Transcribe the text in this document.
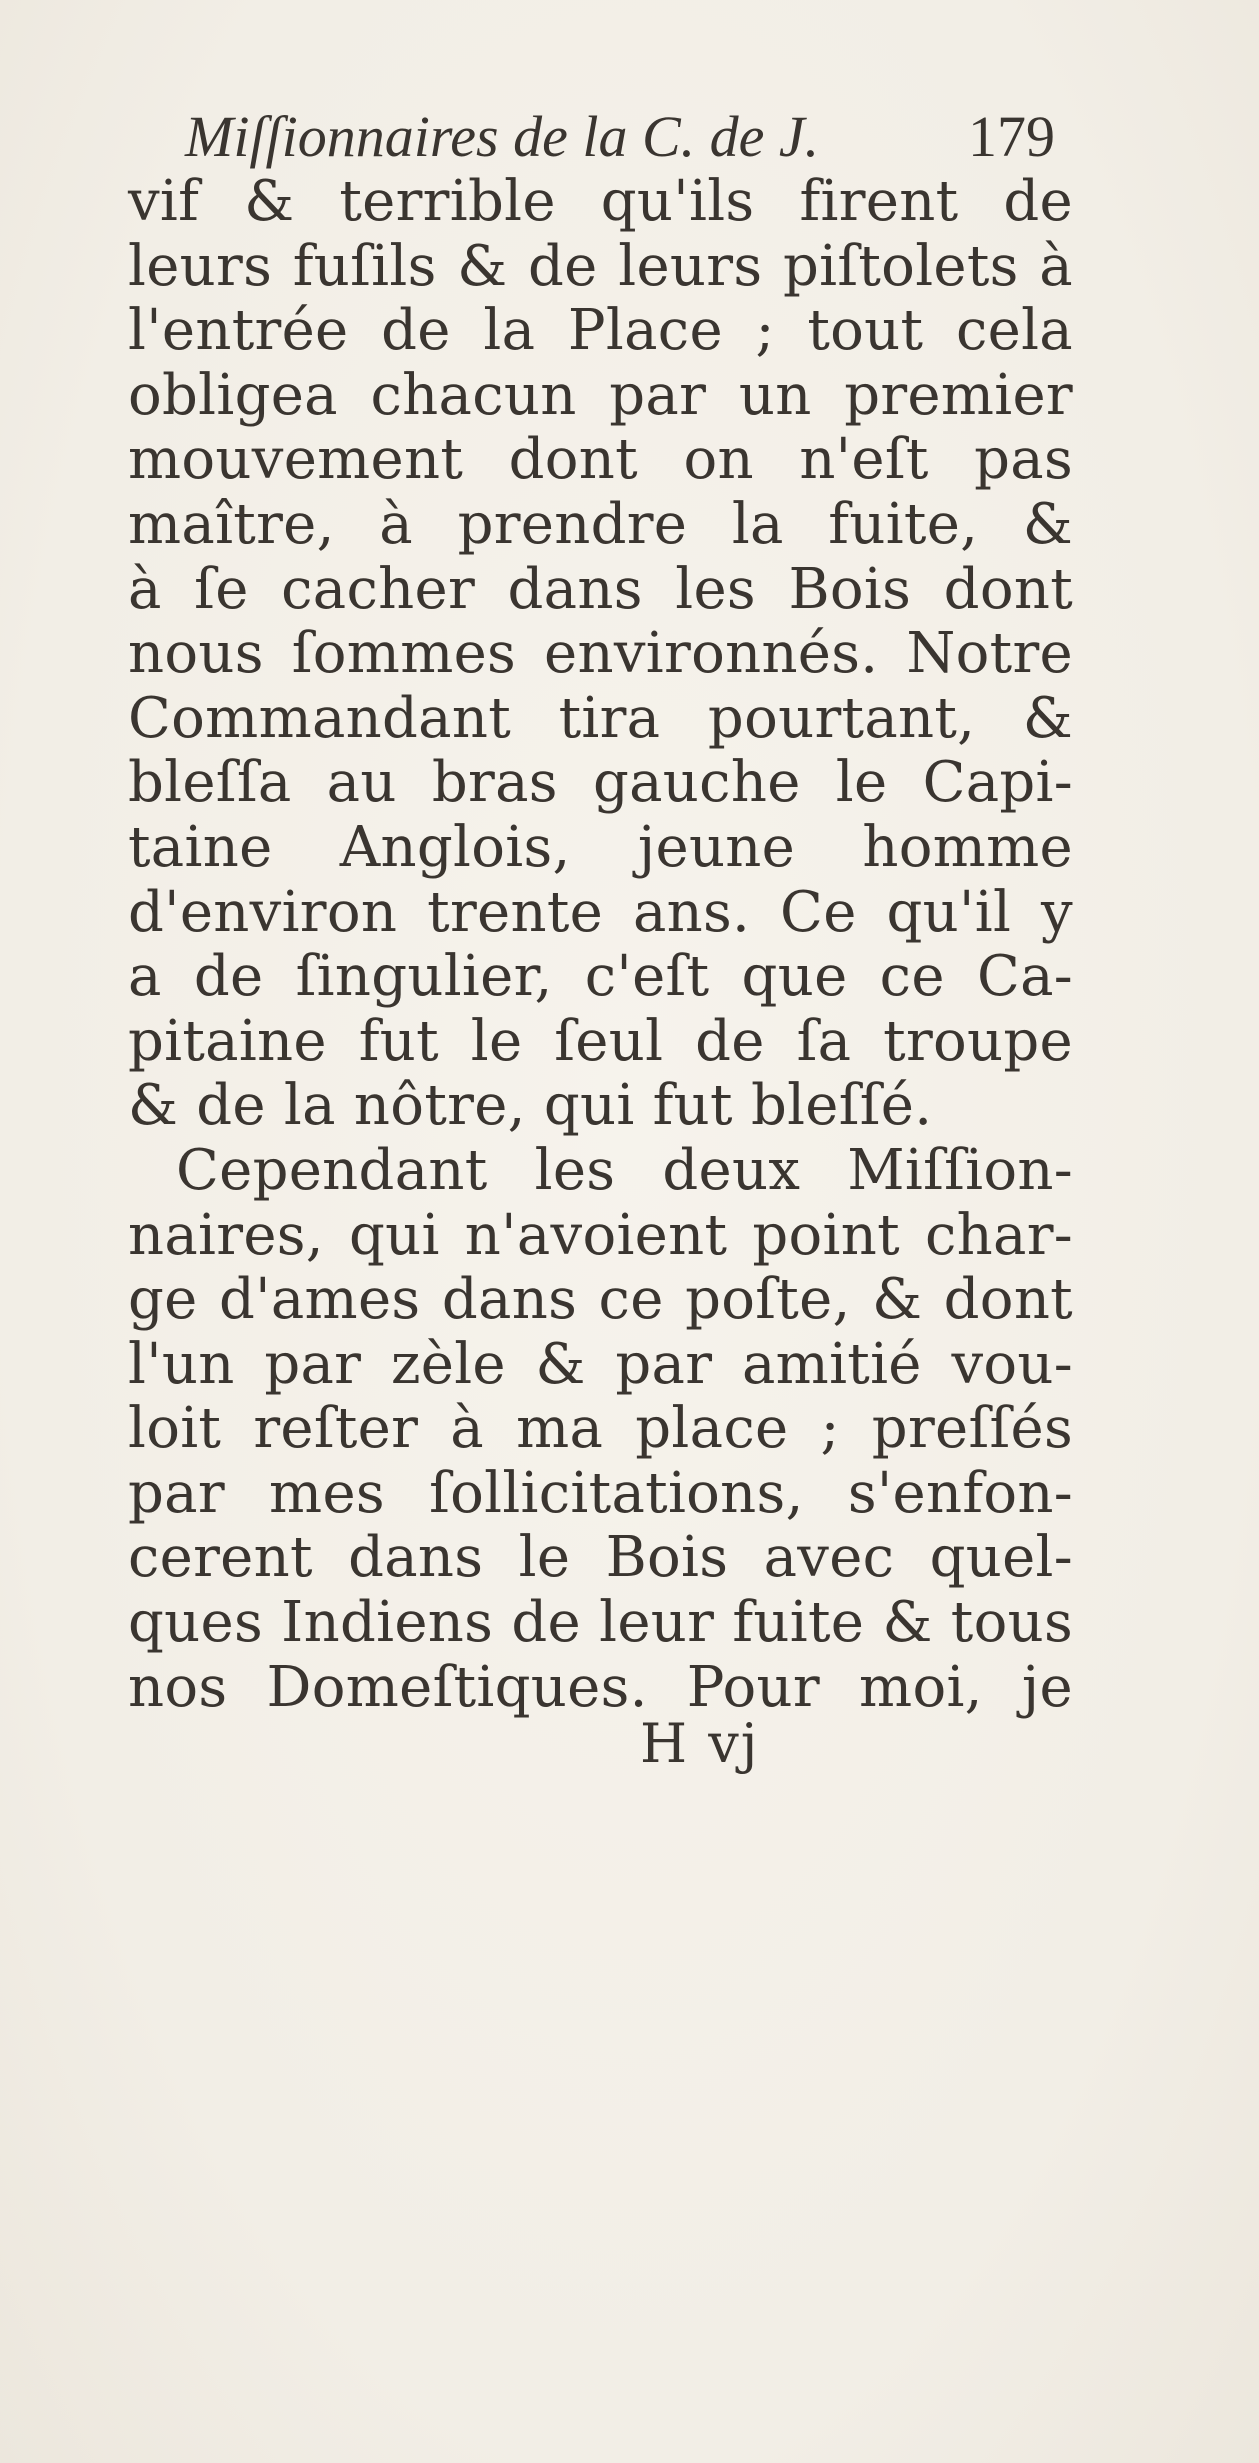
Miſſionnaires de la C. de J.	179
vif & terrible qu'ils firent de
leurs fuſils & de leurs piſtolets à
l'entrée de la Place ; tout cela
obligea chacun par un premier
mouvement dont on n'eſt pas
maître, à prendre la fuite, &
à ſe cacher dans les Bois dont
nous ſommes environnés. Notre
Commandant tira pourtant, &
bleſſa au bras gauche le Capi-
taine Anglois, jeune homme
d'environ trente ans. Ce qu'il y
a de ſingulier, c'eſt que ce Ca-
pitaine fut le ſeul de ſa troupe
& de la nôtre, qui fut bleſſé.
Cependant les deux Miſſion-
naires, qui n'avoient point char-
ge d'ames dans ce poſte, & dont
l'un par zèle & par amitié vou-
loit reſter à ma place ; preſſés
par mes ſollicitations, s'enfon-
cerent dans le Bois avec quel-
ques Indiens de leur fuite & tous
nos Domeſtiques. Pour moi, je
H vj
